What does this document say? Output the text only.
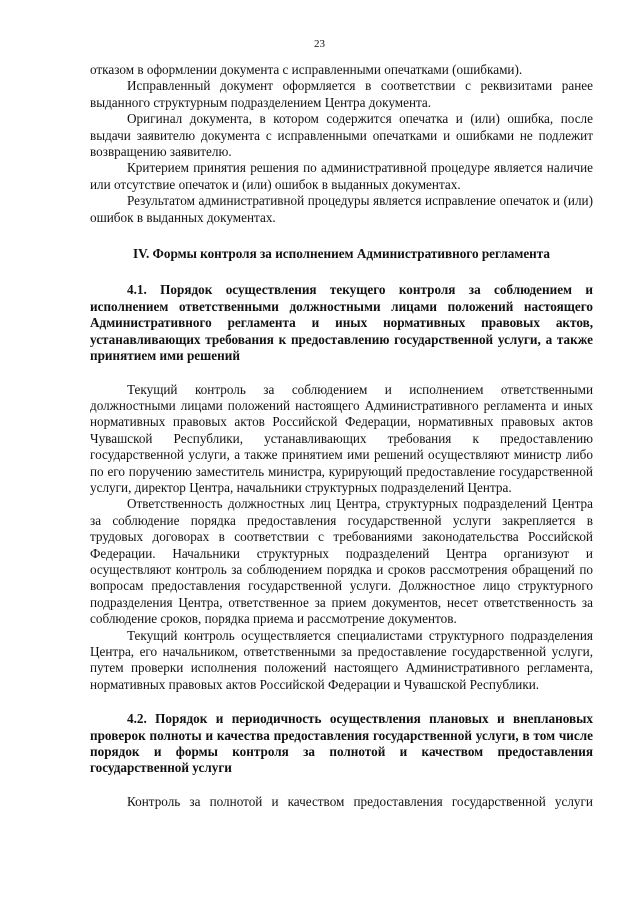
23

отказом в оформлении документа с исправленными опечатками (ошибками).

Исправленный документ оформляется в соответствии с реквизитами ранее выданного структурным подразделением Центра документа.

Оригинал документа, в котором содержится опечатка и (или) ошибка, после выдачи заявителю документа с исправленными опечатками и ошибками не подлежит возвращению заявителю.

Критерием принятия решения по административной процедуре является наличие или отсутствие опечаток и (или) ошибок в выданных документах.

Результатом административной процедуры является исправление опечаток и (или) ошибок в выданных документах.

IV. Формы контроля за исполнением Административного регламента
4.1. Порядок осуществления текущего контроля за соблюдением и исполнением ответственными должностными лицами положений настоящего Административного регламента и иных нормативных правовых актов, устанавливающих требования к предоставлению государственной услуги, а также принятием ими решений

Текущий контроль за соблюдением и исполнением ответственными должностными лицами положений настоящего Административного регламента и иных нормативных правовых актов Российской Федерации, нормативных правовых актов Чувашской Республики, устанавливающих требования к предоставлению государственной услуги, а также принятием ими решений осуществляют министр либо по его поручению заместитель министра, курирующий предоставление государственной услуги, директор Центра, начальники структурных подразделений Центра.

Ответственность должностных лиц Центра, структурных подразделений Центра за соблюдение порядка предоставления государственной услуги закрепляется в трудовых договорах в соответствии с требованиями законодательства Российской Федерации. Начальники структурных подразделений Центра организуют и осуществляют контроль за соблюдением порядка и сроков рассмотрения обращений по вопросам предоставления государственной услуги. Должностное лицо структурного подразделения Центра, ответственное за прием документов, несет ответственность за соблюдение сроков, порядка приема и рассмотрение документов.

Текущий контроль осуществляется специалистами структурного подразделения Центра, его начальником, ответственными за предоставление государственной услуги, путем проверки исполнения положений настоящего Административного регламента, нормативных правовых актов Российской Федерации и Чувашской Республики.

4.2. Порядок и периодичность осуществления плановых и внеплановых проверок полноты и качества предоставления государственной услуги, в том числе порядок и формы контроля за полнотой и качеством предоставления государственной услуги

Контроль за полнотой и качеством предоставления государственной услуги
